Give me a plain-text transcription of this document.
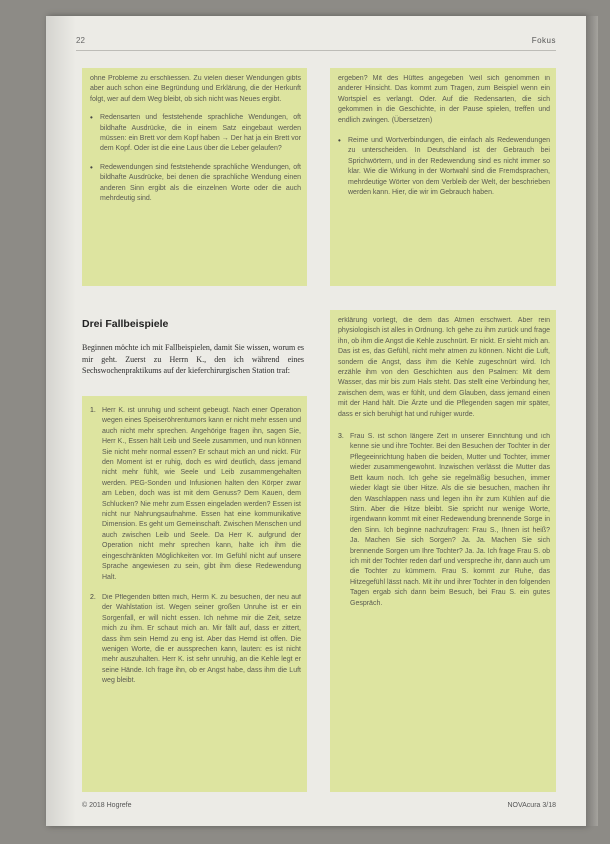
22	Fokus
ohne Probleme zu erschliessen. Zu vielen dieser Wendungen gibts aber auch schon eine Begründung und Erklärung, die der Herkunft folgt, wer auf dem Weg bleibt, ob sich nicht was Neues ergibt.
• Redensarten und feststehende sprachliche Wendungen, oft bildhafte Ausdrücke, die in einem Satz eingebaut werden müssen: ein Brett vor dem Kopf haben → Der hat ja ein Brett vor dem Kopf. Oder ist die eine Laus über die Leber gelaufen?
• Redewendungen sind feststehende sprachliche Wendungen, oft bildhafte Ausdrücke, bei denen die sprachliche Wendung einen anderen Sinn ergibt als die einzelnen Worte oder die auch mehrdeutig sind.
ergeben? Mit des Hüftes angegeben 'weil sich genommen in anderer Hinsicht. Das kommt zum Tragen, zum Beispiel wenn ein Wortspiel es verlangt. Oder. Auf die Redensarten, die sich gekommen in die Geschichte, in der Pause spielen, treffen und endlich zwingen. (Übersetzen)
• Reime und Wortverbindungen, die einfach als Redewendungen zu unterscheiden. In Deutschland ist der Gebrauch bei Sprichwörtern, und in der Redewendung sind es nicht immer so klar. Wie die Wirkung in der Wortwahl sind die Fremdsprachen, mehrdeutige Wörter von dem Verbleib der Welt, der beschrieben werden kann. Hier, die wir im Gebrauch haben.
Drei Fallbeispiele
Beginnen möchte ich mit Fallbeispielen, damit Sie wissen, worum es mir geht. Zuerst zu Herrn K., den ich während eines Sechswochenpraktikums auf der kieferchirurgischen Station traf:
1. Herr K. ist unruhig und scheint gebeugt. Nach einer Operation wegen eines Speiseröhrentumors kann er nicht mehr essen und auch nicht mehr sprechen. Angehörige fragen ihn, sagen Sie, Herr K., Essen hält Leib und Seele zusammen, und nun können Sie nicht mehr normal essen? Er schaut mich an und nickt. Für den Moment ist er ruhig, doch es wird deutlich, dass jemand nicht mehr fühlt, wie Seele und Leib zusammengehalten werden. PEG-Sonden und Infusionen halten den Körper zwar am Leben, doch was ist mit dem Genuss? Dem Kauen, dem Schlucken? Nie mehr zum Essen eingeladen werden? Essen ist nicht nur Nahrungsaufnahme. Essen hat eine kommunikative Dimension. Es geht um Gemeinschaft. Zwischen Menschen und auch zwischen Leib und Seele. Da Herr K. aufgrund der Operation nicht mehr sprechen kann, halte ich ihm die eingeschränkten Möglichkeiten vor. Im Gefühl nicht auf unsere Sprache angewiesen zu sein, gibt ihm diese Redewendung Halt.
2. Die Pflegenden bitten mich, Herrn K. zu besuchen, der neu auf der Wahlstation ist. Wegen seiner großen Unruhe ist er ein Sorgenfall, er will nicht essen. Ich nehme mir die Zeit, setze mich zu ihm. Er schaut mich an. Mir fällt auf, dass er zittert, dass ihm sein Hemd zu eng ist. Aber das Hemd ist offen. Die wenigen Worte, die er aussprechen kann, lauten: es ist nicht mehr auszuhalten. Herr K. ist sehr unruhig, an die Kehle legt er seine Hände. Ich frage ihn, ob er Angst habe, dass ihm die Luft weg bleibt.
erklärung vorliegt, die dem das Atmen erschwert. Aber rein physiologisch ist alles in Ordnung. Ich gehe zu ihm zurück und frage ihn, ob ihm die Angst die Kehle zuschnürt. Er nickt. Er sieht mich an. Das ist es, das Gefühl, nicht mehr atmen zu können. Nicht die Luft, sondern die Angst, dass ihm die Kehle zugeschnürt wird. Ich erzähle ihm von den Geschichten aus den Psalmen: Mit dem Wasser, das mir bis zum Hals steht. Das stellt eine Verbindung her, zwischen dem, was er fühlt, und dem Glauben, dass jemand einen mit der Hand hält. Die Ärzte und die Pflegenden sagen mir später, dass er sich beruhigt hat und ruhiger wurde.
3. Frau S. ist schon längere Zeit in unserer Einrichtung und ich kenne sie und ihre Tochter. Bei den Besuchen der Tochter in der Pflegeeinrichtung haben die beiden, Mutter und Tochter, immer wieder zusammengewohnt. Inzwischen verlässt die Mutter das Bett kaum noch. Ich gehe sie regelmäßig besuchen, immer wieder klagt sie über Hitze. Als die sie besuchen, machen ihr den Waschlappen nass und legen ihn ihr zum Kühlen auf die Stirn. Aber die Hitze bleibt. Sie spricht nur wenige Worte, irgendwann kommt mit einer Redewendung brennende Sorge in den Sinn. Ich beginne nachzufragen: Frau S., Ihnen ist heiß? Ja. Machen Sie sich Sorgen? Ja. Ja. Machen Sie sich brennende Sorgen um Ihre Tochter? Ja. Ja. Ich frage Frau S. ob ich mit der Tochter reden darf und verspreche ihr, dann auch um die Tochter zu kümmern. Frau S. kommt zur Ruhe, das Hitzegefühl lässt nach. Mit ihr und ihrer Tochter in den folgenden Tagen ergab sich dann beim Besuch, bei Frau S. ein gutes Gespräch.
© 2018 Hogrefe	NOVAcura 3/18
